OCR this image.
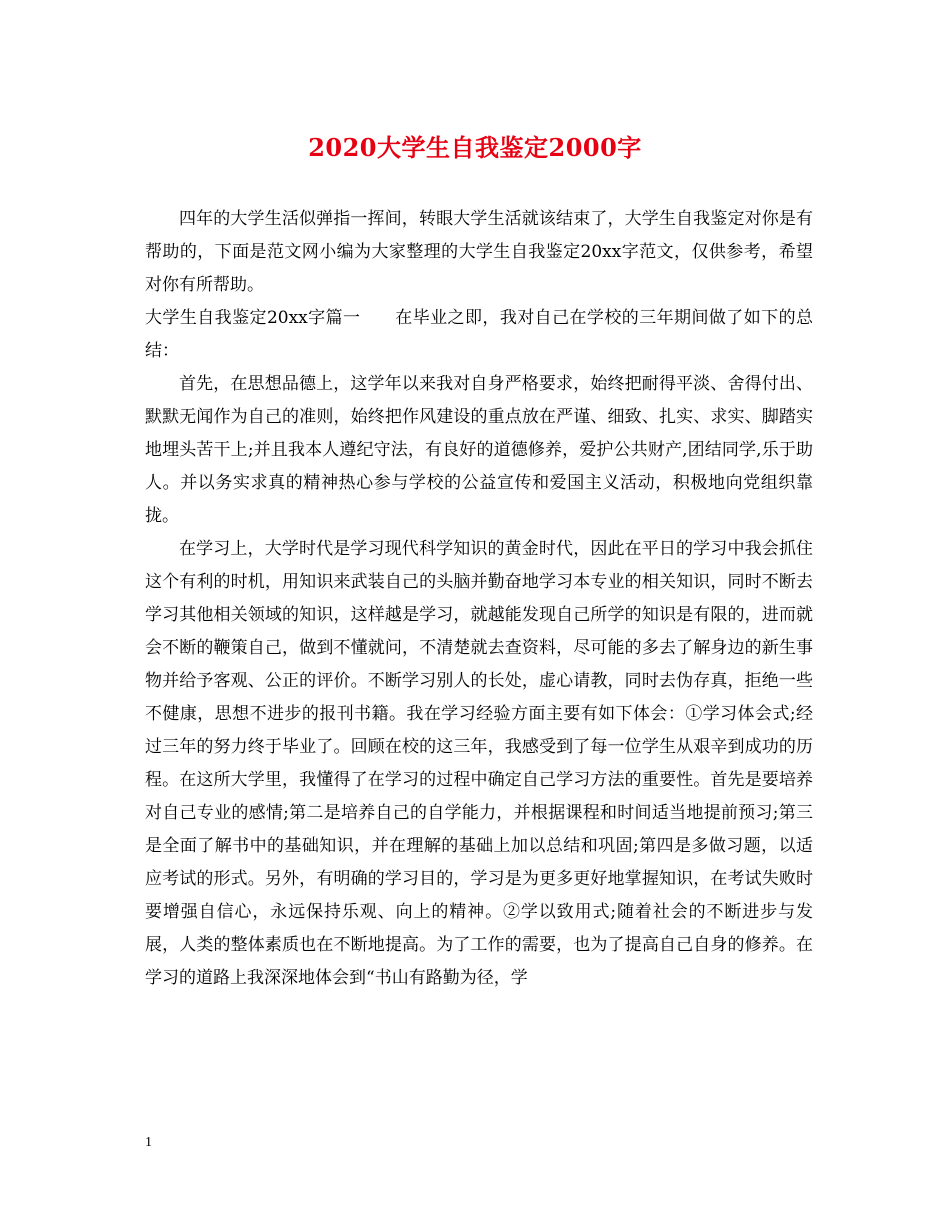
2020大学生自我鉴定2000字

四年的大学生活似弹指一挥间，转眼大学生活就该结束了，大学生自我鉴定对你是有帮助的，下面是范文网小编为大家整理的大学生自我鉴定20xx字范文，仅供参考，希望对你有所帮助。

大学生自我鉴定20xx字篇一　　在毕业之即，我对自己在学校的三年期间做了如下的总结：

首先，在思想品德上，这学年以来我对自身严格要求，始终把耐得平淡、舍得付出、默默无闻作为自己的准则，始终把作风建设的重点放在严谨、细致、扎实、求实、脚踏实地埋头苦干上;并且我本人遵纪守法，有良好的道德修养，爱护公共财产,团结同学,乐于助人。并以务实求真的精神热心参与学校的公益宣传和爱国主义活动，积极地向党组织靠拢。

在学习上，大学时代是学习现代科学知识的黄金时代，因此在平日的学习中我会抓住这个有利的时机，用知识来武装自己的头脑并勤奋地学习本专业的相关知识，同时不断去学习其他相关领域的知识，这样越是学习，就越能发现自己所学的知识是有限的，进而就会不断的鞭策自己，做到不懂就问，不清楚就去查资料，尽可能的多去了解身边的新生事物并给予客观、公正的评价。不断学习别人的长处，虚心请教，同时去伪存真，拒绝一些不健康，思想不进步的报刊书籍。我在学习经验方面主要有如下体会：①学习体会式;经过三年的努力终于毕业了。回顾在校的这三年，我感受到了每一位学生从艰辛到成功的历程。在这所大学里，我懂得了在学习的过程中确定自己学习方法的重要性。首先是要培养对自己专业的感情;第二是培养自己的自学能力，并根据课程和时间适当地提前预习;第三是全面了解书中的基础知识，并在理解的基础上加以总结和巩固;第四是多做习题，以适应考试的形式。另外，有明确的学习目的，学习是为更多更好地掌握知识，在考试失败时要增强自信心，永远保持乐观、向上的精神。②学以致用式;随着社会的不断进步与发展，人类的整体素质也在不断地提高。为了工作的需要，也为了提高自己自身的修养。在学习的道路上我深深地体会到“书山有路勤为径，学

1
